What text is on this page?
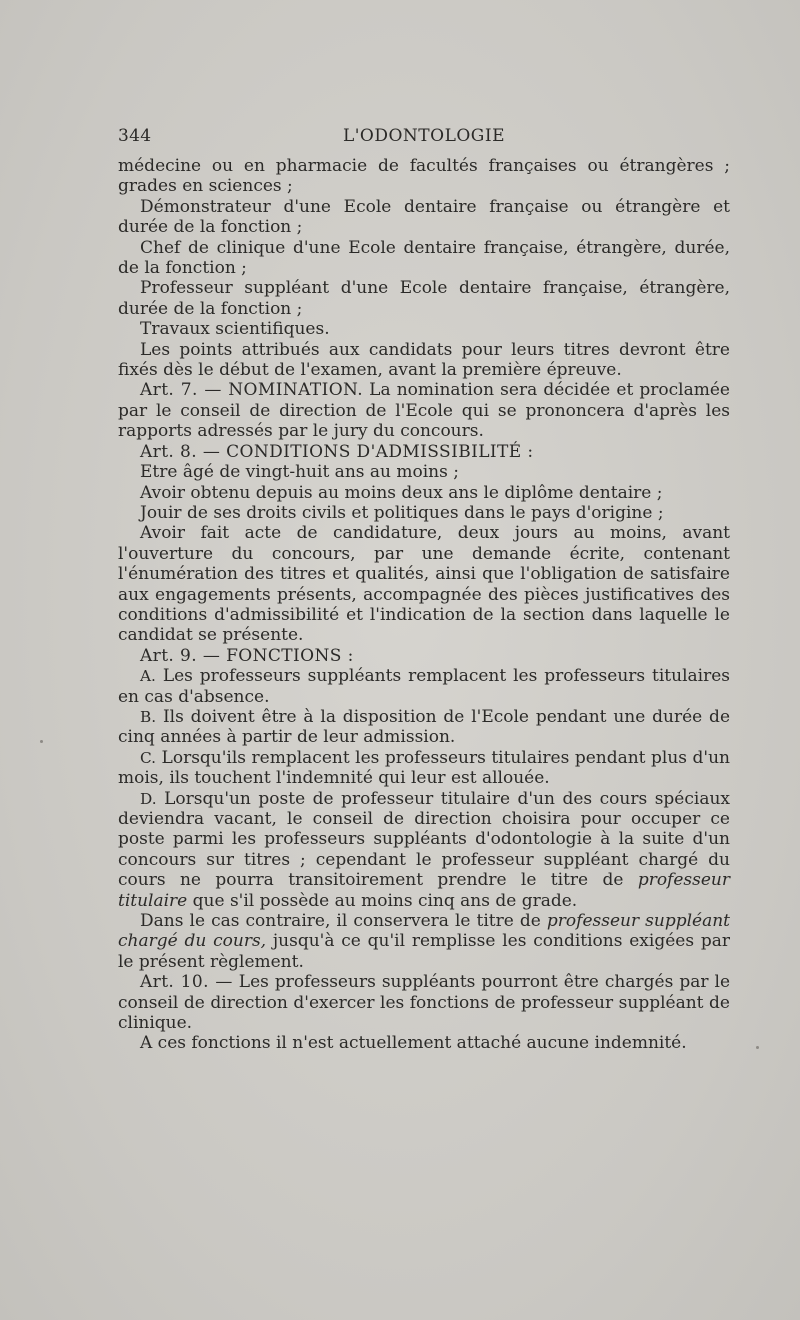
344	L'ODONTOLOGIE

médecine ou en pharmacie de facultés françaises ou étrangères ; grades en sciences ;

Démonstrateur d'une Ecole dentaire française ou étrangère et durée de la fonction ;

Chef de clinique d'une Ecole dentaire française, étrangère, durée, de la fonction ;

Professeur suppléant d'une Ecole dentaire française, étrangère, durée de la fonction ;

Travaux scientifiques.

Les points attribués aux candidats pour leurs titres devront être fixés dès le début de l'examen, avant la première épreuve.

Art. 7. — NOMINATION. La nomination sera décidée et proclamée par le conseil de direction de l'Ecole qui se prononcera d'après les rapports adressés par le jury du concours.

Art. 8. — CONDITIONS D'ADMISSIBILITÉ :

Etre âgé de vingt-huit ans au moins ;

Avoir obtenu depuis au moins deux ans le diplôme dentaire ;

Jouir de ses droits civils et politiques dans le pays d'origine ;

Avoir fait acte de candidature, deux jours au moins, avant l'ouverture du concours, par une demande écrite, contenant l'énumération des titres et qualités, ainsi que l'obligation de satisfaire aux engagements présents, accompagnée des pièces justificatives des conditions d'admissibilité et l'indication de la section dans laquelle le candidat se présente.

Art. 9. — FONCTIONS :

A. Les professeurs suppléants remplacent les professeurs titulaires en cas d'absence.

B. Ils doivent être à la disposition de l'Ecole pendant une durée de cinq années à partir de leur admission.

C. Lorsqu'ils remplacent les professeurs titulaires pendant plus d'un mois, ils touchent l'indemnité qui leur est allouée.

D. Lorsqu'un poste de professeur titulaire d'un des cours spéciaux deviendra vacant, le conseil de direction choisira pour occuper ce poste parmi les professeurs suppléants d'odontologie à la suite d'un concours sur titres ; cependant le professeur suppléant chargé du cours ne pourra transitoirement prendre le titre de professeur titulaire que s'il possède au moins cinq ans de grade.

Dans le cas contraire, il conservera le titre de professeur suppléant chargé du cours, jusqu'à ce qu'il remplisse les conditions exigées par le présent règlement.

Art. 10. — Les professeurs suppléants pourront être chargés par le conseil de direction d'exercer les fonctions de professeur suppléant de clinique.

A ces fonctions il n'est actuellement attaché aucune indemnité.
